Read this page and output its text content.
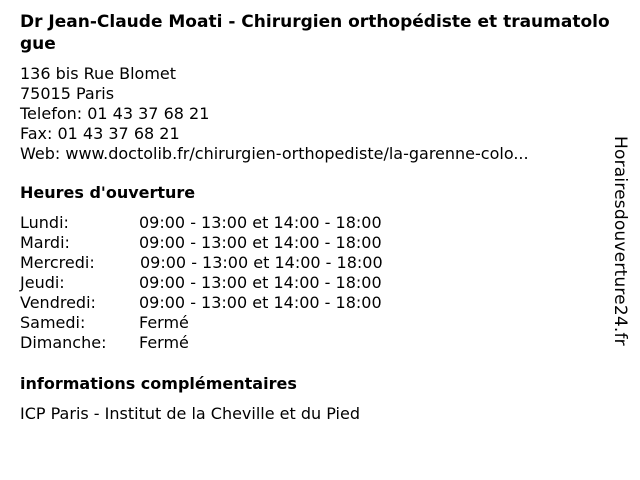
Dr Jean-Claude Moati - Chirurgien orthopédiste et traumatologue
136 bis Rue Blomet
75015 Paris
Telefon: 01 43 37 68 21
Fax: 01 43 37 68 21
Web: www.doctolib.fr/chirurgien-orthopediste/la-garenne-colo...
Heures d'ouverture
Lundi:	09:00 - 13:00 et 14:00 - 18:00
Mardi:	09:00 - 13:00 et 14:00 - 18:00
Mercredi:	09:00 - 13:00 et 14:00 - 18:00
Jeudi:	09:00 - 13:00 et 14:00 - 18:00
Vendredi:	09:00 - 13:00 et 14:00 - 18:00
Samedi:	Fermé
Dimanche: Fermé
informations complémentaires
ICP Paris - Institut de la Cheville et du Pied
Horairesdouverture24.fr
